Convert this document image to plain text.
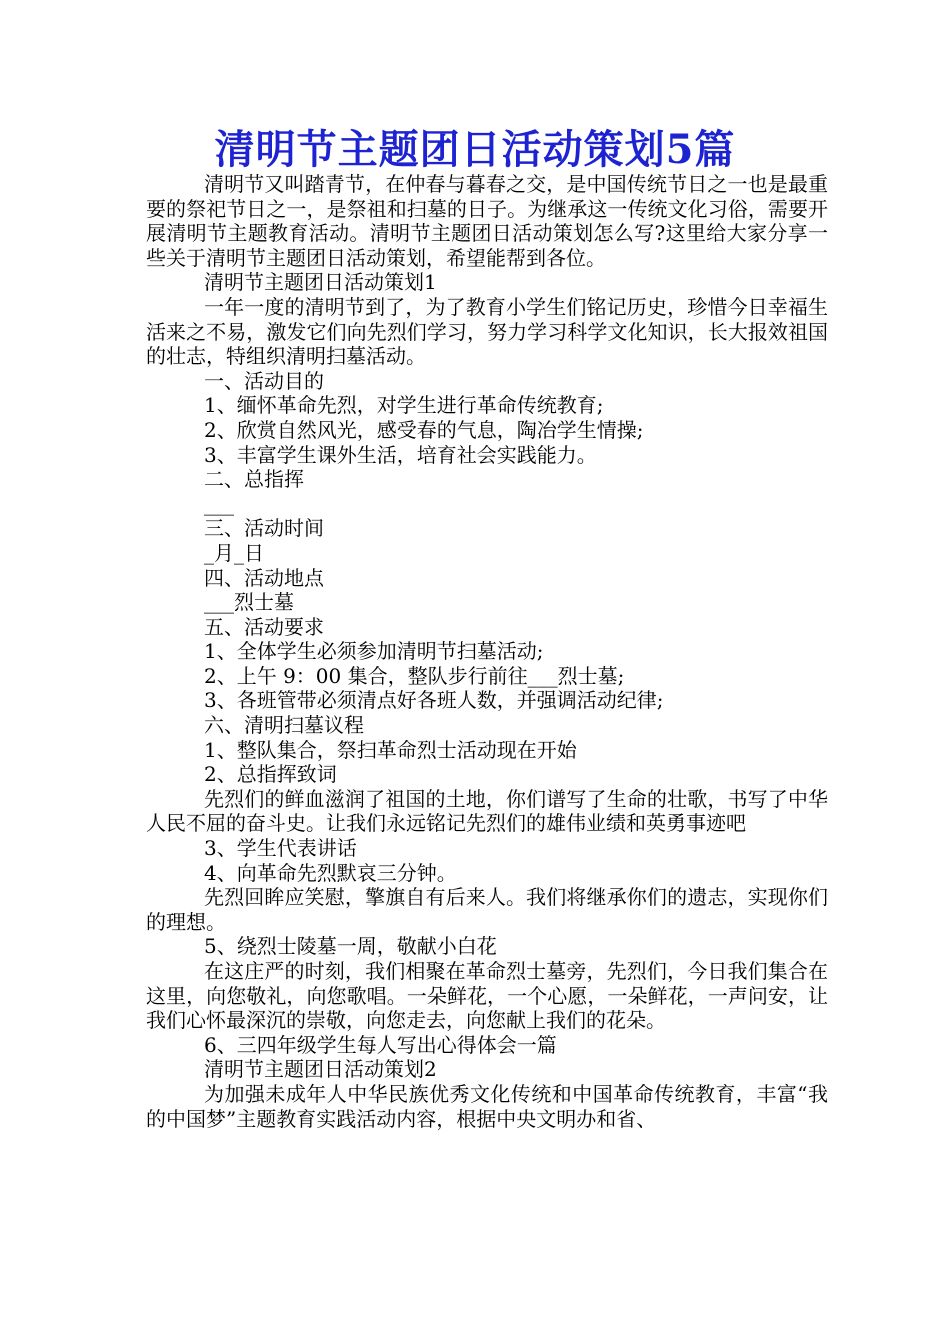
清明节主题团日活动策划5篇

清明节又叫踏青节，在仲春与暮春之交，是中国传统节日之一也是最重要的祭祀节日之一，是祭祖和扫墓的日子。为继承这一传统文化习俗，需要开展清明节主题教育活动。清明节主题团日活动策划怎么写?这里给大家分享一些关于清明节主题团日活动策划，希望能帮到各位。

清明节主题团日活动策划1

一年一度的清明节到了，为了教育小学生们铭记历史，珍惜今日幸福生活来之不易，激发它们向先烈们学习，努力学习科学文化知识，长大报效祖国的壮志，特组织清明扫墓活动。

一、活动目的
1、缅怀革命先烈，对学生进行革命传统教育;
2、欣赏自然风光，感受春的气息，陶冶学生情操;
3、丰富学生课外生活，培育社会实践能力。
二、总指挥
___
三、活动时间
_月_日
四、活动地点
___烈士墓
五、活动要求
1、全体学生必须参加清明节扫墓活动;
2、上午 9：00 集合，整队步行前往___烈士墓;
3、各班管带必须清点好各班人数，并强调活动纪律;
六、清明扫墓议程
1、整队集合，祭扫革命烈士活动现在开始
2、总指挥致词

先烈们的鲜血滋润了祖国的土地，你们谱写了生命的壮歌，书写了中华人民不屈的奋斗史。让我们永远铭记先烈们的雄伟业绩和英勇事迹吧

3、学生代表讲话
4、向革命先烈默哀三分钟。

先烈回眸应笑慰，擎旗自有后来人。我们将继承你们的遗志，实现你们的理想。

5、绕烈士陵墓一周，敬献小白花

在这庄严的时刻，我们相聚在革命烈士墓旁，先烈们，今日我们集合在这里，向您敬礼，向您歌唱。一朵鲜花，一个心愿，一朵鲜花，一声问安，让我们心怀最深沉的崇敬，向您走去，向您献上我们的花朵。

6、三四年级学生每人写出心得体会一篇
清明节主题团日活动策划2

为加强未成年人中华民族优秀文化传统和中国革命传统教育，丰富“我的中国梦”主题教育实践活动内容，根据中央文明办和省、
